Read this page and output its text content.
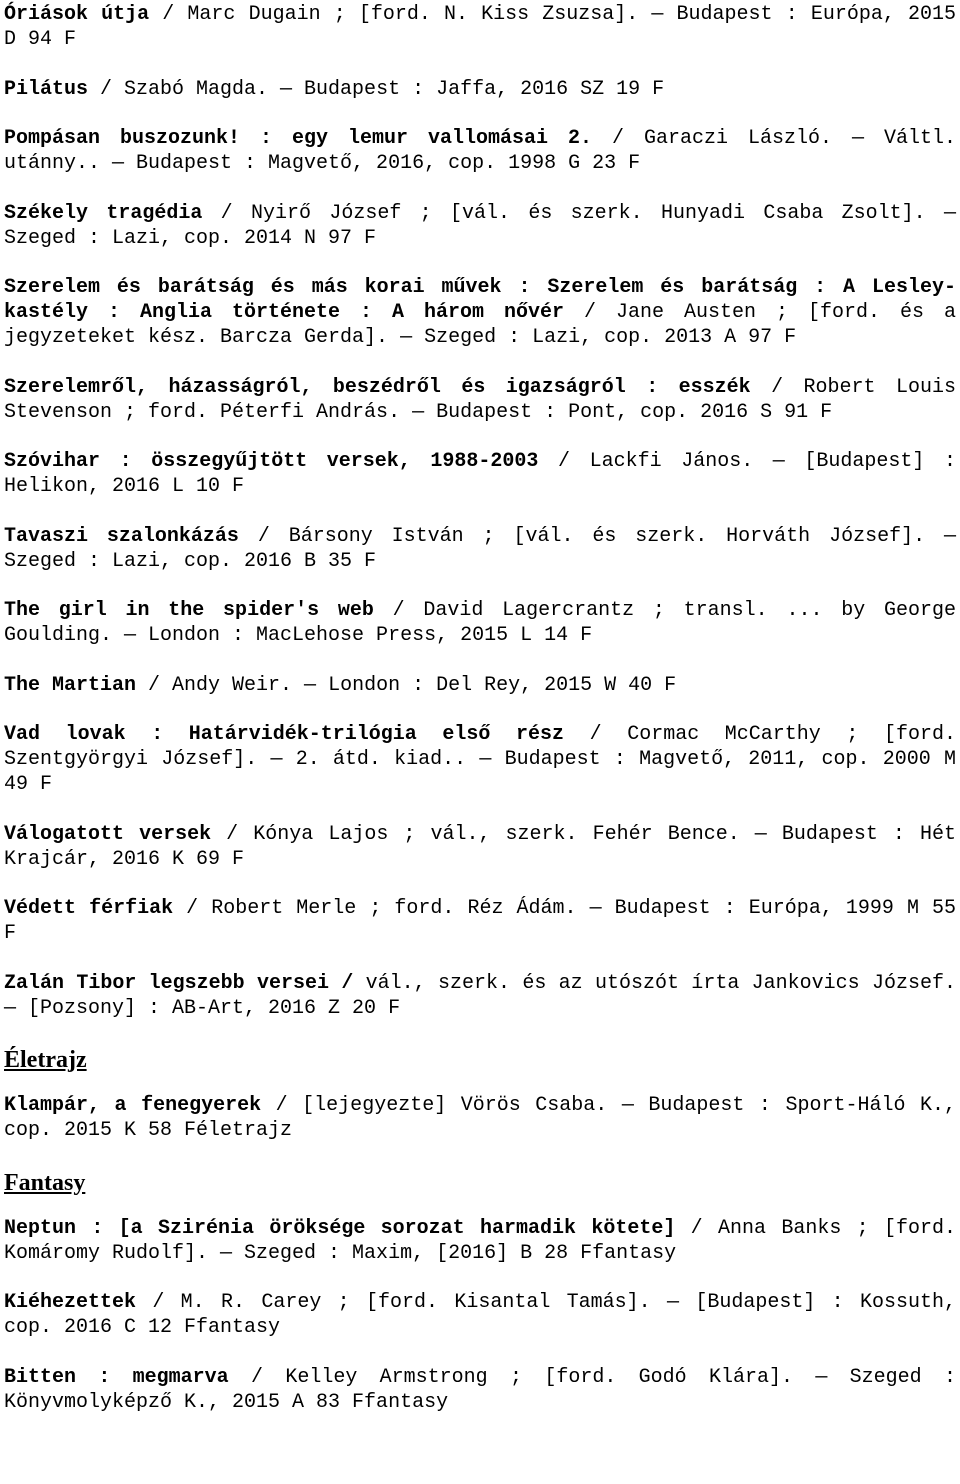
Óriások útja / Marc Dugain ; [ford. N. Kiss Zsuzsa]. — Budapest : Európa, 2015 D 94 F
Pilátus / Szabó Magda. — Budapest : Jaffa, 2016 SZ 19 F
Pompásan buszozunk! : egy lemur vallomásai 2. / Garaczi László. — Váltl. utánny.. — Budapest : Magvető, 2016, cop. 1998 G 23 F
Székely tragédia / Nyirő József ; [vál. és szerk. Hunyadi Csaba Zsolt]. — Szeged : Lazi, cop. 2014 N 97 F
Szerelem és barátság és más korai művek : Szerelem és barátság : A Lesley-kastély : Anglia története : A három nővér / Jane Austen ; [ford. és a jegyzeteket kész. Barcza Gerda]. — Szeged : Lazi, cop. 2013 A 97 F
Szerelemről, házasságról, beszédről és igazságról : esszék / Robert Louis Stevenson ; ford. Péterfi András. — Budapest : Pont, cop. 2016 S 91 F
Szóvihar : összegyűjtött versek, 1988-2003 / Lackfi János. — [Budapest] : Helikon, 2016 L 10 F
Tavaszi szalonkázás / Bársony István ; [vál. és szerk. Horváth József]. — Szeged : Lazi, cop. 2016 B 35 F
The girl in the spider's web / David Lagercrantz ; transl. ... by George Goulding. — London : MacLehose Press, 2015 L 14 F
The Martian / Andy Weir. — London : Del Rey, 2015 W 40 F
Vad lovak : Határvidék-trilógia első rész / Cormac McCarthy ; [ford. Szentgyörgyi József]. — 2. átd. kiad.. — Budapest : Magvető, 2011, cop. 2000 M 49 F
Válogatott versek / Kónya Lajos ; vál., szerk. Fehér Bence. — Budapest : Hét Krajcár, 2016 K 69 F
Védett férfiak / Robert Merle ; ford. Réz Ádám. — Budapest : Európa, 1999 M 55 F
Zalán Tibor legszebb versei / vál., szerk. és az utószót írta Jankovics József. — [Pozsony] : AB-Art, 2016 Z 20 F
Életrajz
Klampár, a fenegyerek / [lejegyezte] Vörös Csaba. — Budapest : Sport-Háló K., cop. 2015 K 58 Féletrajz
Fantasy
Neptun : [a Szirénia öröksége sorozat harmadik kötete] / Anna Banks ; [ford. Komáromy Rudolf]. — Szeged : Maxim, [2016] B 28 Ffantasy
Kiéhezettek / M. R. Carey ; [ford. Kisantal Tamás]. — [Budapest] : Kossuth, cop. 2016 C 12 Ffantasy
Bitten : megmarva / Kelley Armstrong ; [ford. Godó Klára]. — Szeged : Könyvmolyképző K., 2015 A 83 Ffantasy
